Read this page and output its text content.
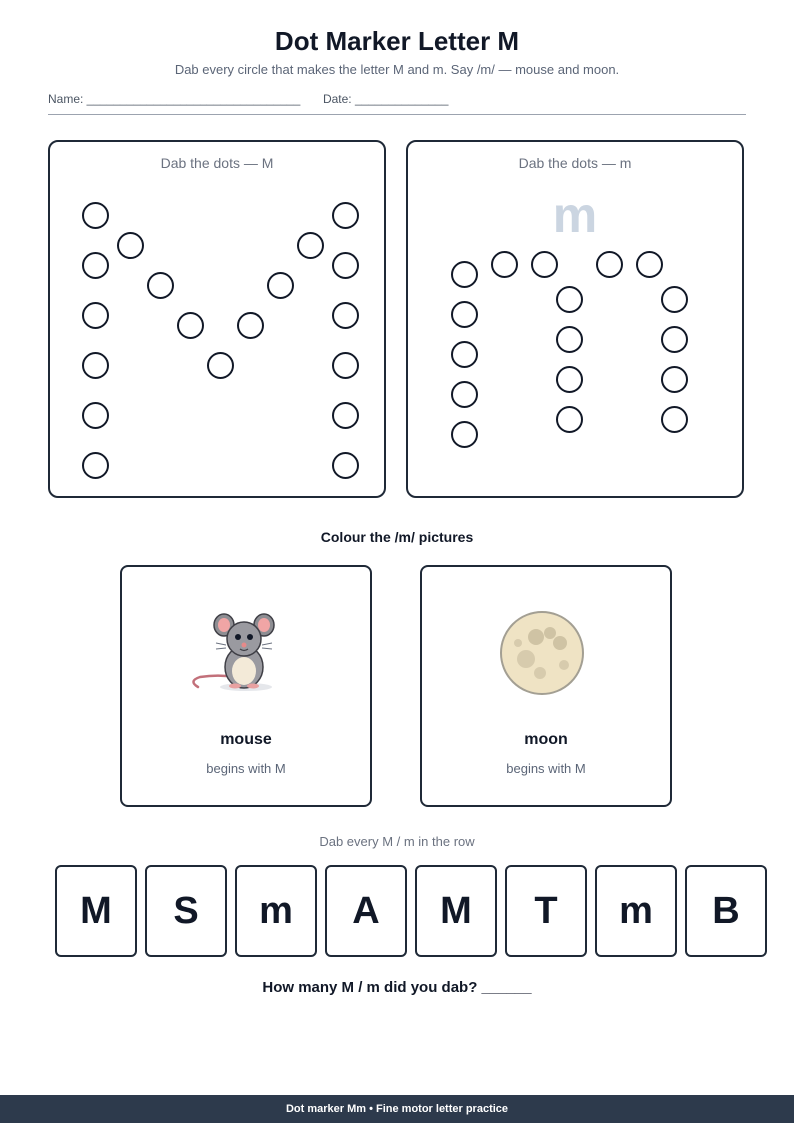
Dot Marker Letter M
Dab every circle that makes the letter M and m. Say /m/ — mouse and moon.
Name: ________________________________ Date: ______________
Dab the dots — M	Dab the dots — m
m
Colour the /m/ pictures
mouse
begins with M
moon
begins with M
Dab every M / m in the row
M	S	m	A	M	T	m	B
How many M / m did you dab? ______
Dot marker Mm • Fine motor letter practice
